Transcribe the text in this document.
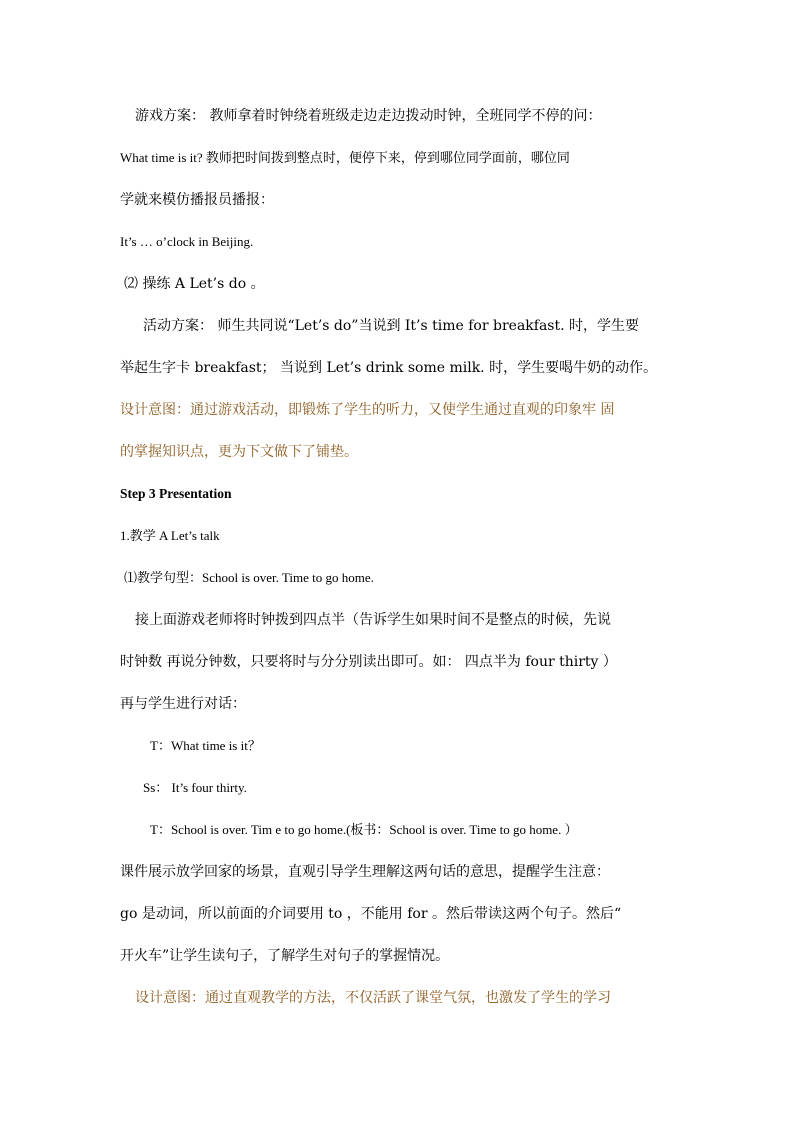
游戏方案： 教师拿着时钟绕着班级走边走边拨动时钟，全班同学不停的问：
What time is it? 教师把时间拨到整点时，便停下来，停到哪位同学面前，哪位同
学就来模仿播报员播报：
It’s … o’clock in Beijing.
⑵ 操练 A Let’s do 。
活动方案： 师生共同说“Let’s do”当说到 It’s time for breakfast. 时，学生要
举起生字卡 breakfast； 当说到 Let’s drink some milk. 时，学生要喝牛奶的动作。
设计意图：通过游戏活动，即锻炼了学生的听力，又使学生通过直观的印象牢 固
的掌握知识点，更为下文做下了铺垫。
Step 3 Presentation
1.教学 A Let’s talk
⑴教学句型：School is over. Time to go home.
接上面游戏老师将时钟拨到四点半（告诉学生如果时间不是整点的时候，先说
时钟数 再说分钟数，只要将时与分分别读出即可。如： 四点半为 four thirty ）
再与学生进行对话：
T：What time is it？
Ss： It’s four thirty.
T：School is over. Tim e to go home.(板书：School is over. Time to go home. ）
课件展示放学回家的场景，直观引导学生理解这两句话的意思，提醒学生注意：
go 是动词，所以前面的介词要用 to ，不能用 for 。然后带读这两个句子。然后“
开火车”让学生读句子，了解学生对句子的掌握情况。
设计意图：通过直观教学的方法，不仅活跃了课堂气氛，也激发了学生的学习
